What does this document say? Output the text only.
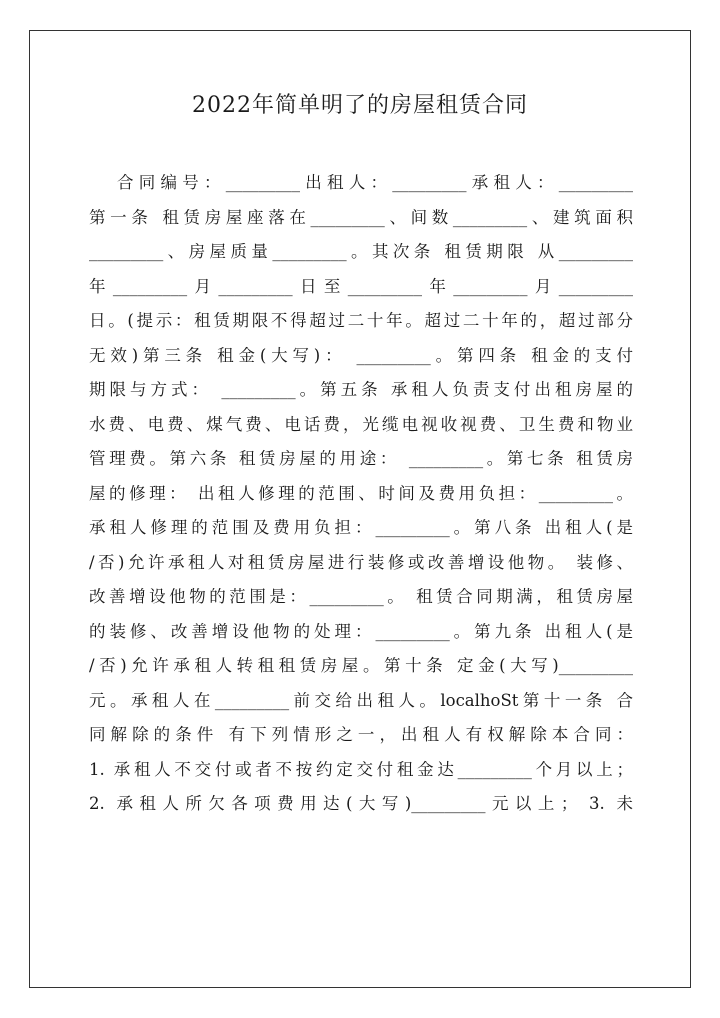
2022年简单明了的房屋租赁合同
合同编号：_________出租人：_________承租人：_________
第一条 租赁房屋座落在_________、间数_________、建筑面积
_________、房屋质量_________。其次条 租赁期限 从_________
年_________月_________日至_________年_________月_________
日。(提示：租赁期限不得超过二十年。超过二十年的，超过部分
无效)第三条 租金(大写)： _________。第四条 租金的支付
期限与方式： _________。第五条 承租人负责支付出租房屋的
水费、电费、煤气费、电话费，光缆电视收视费、卫生费和物业
管理费。第六条 租赁房屋的用途： _________。第七条 租赁房
屋的修理： 出租人修理的范围、时间及费用负担：_________。
承租人修理的范围及费用负担：_________。第八条 出租人(是
/否)允许承租人对租赁房屋进行装修或改善增设他物。 装修、
改善增设他物的范围是：_________。 租赁合同期满，租赁房屋
的装修、改善增设他物的处理：_________。第九条 出租人(是
/否)允许承租人转租租赁房屋。第十条 定金(大写)_________
元。承租人在_________前交给出租人。localhoSt第十一条 合
同解除的条件 有下列情形之一，出租人有权解除本合同：
1. 承租人不交付或者不按约定交付租金达_________个月以上；
2. 承租人所欠各项费用达(大写)_________元以上； 3. 未
